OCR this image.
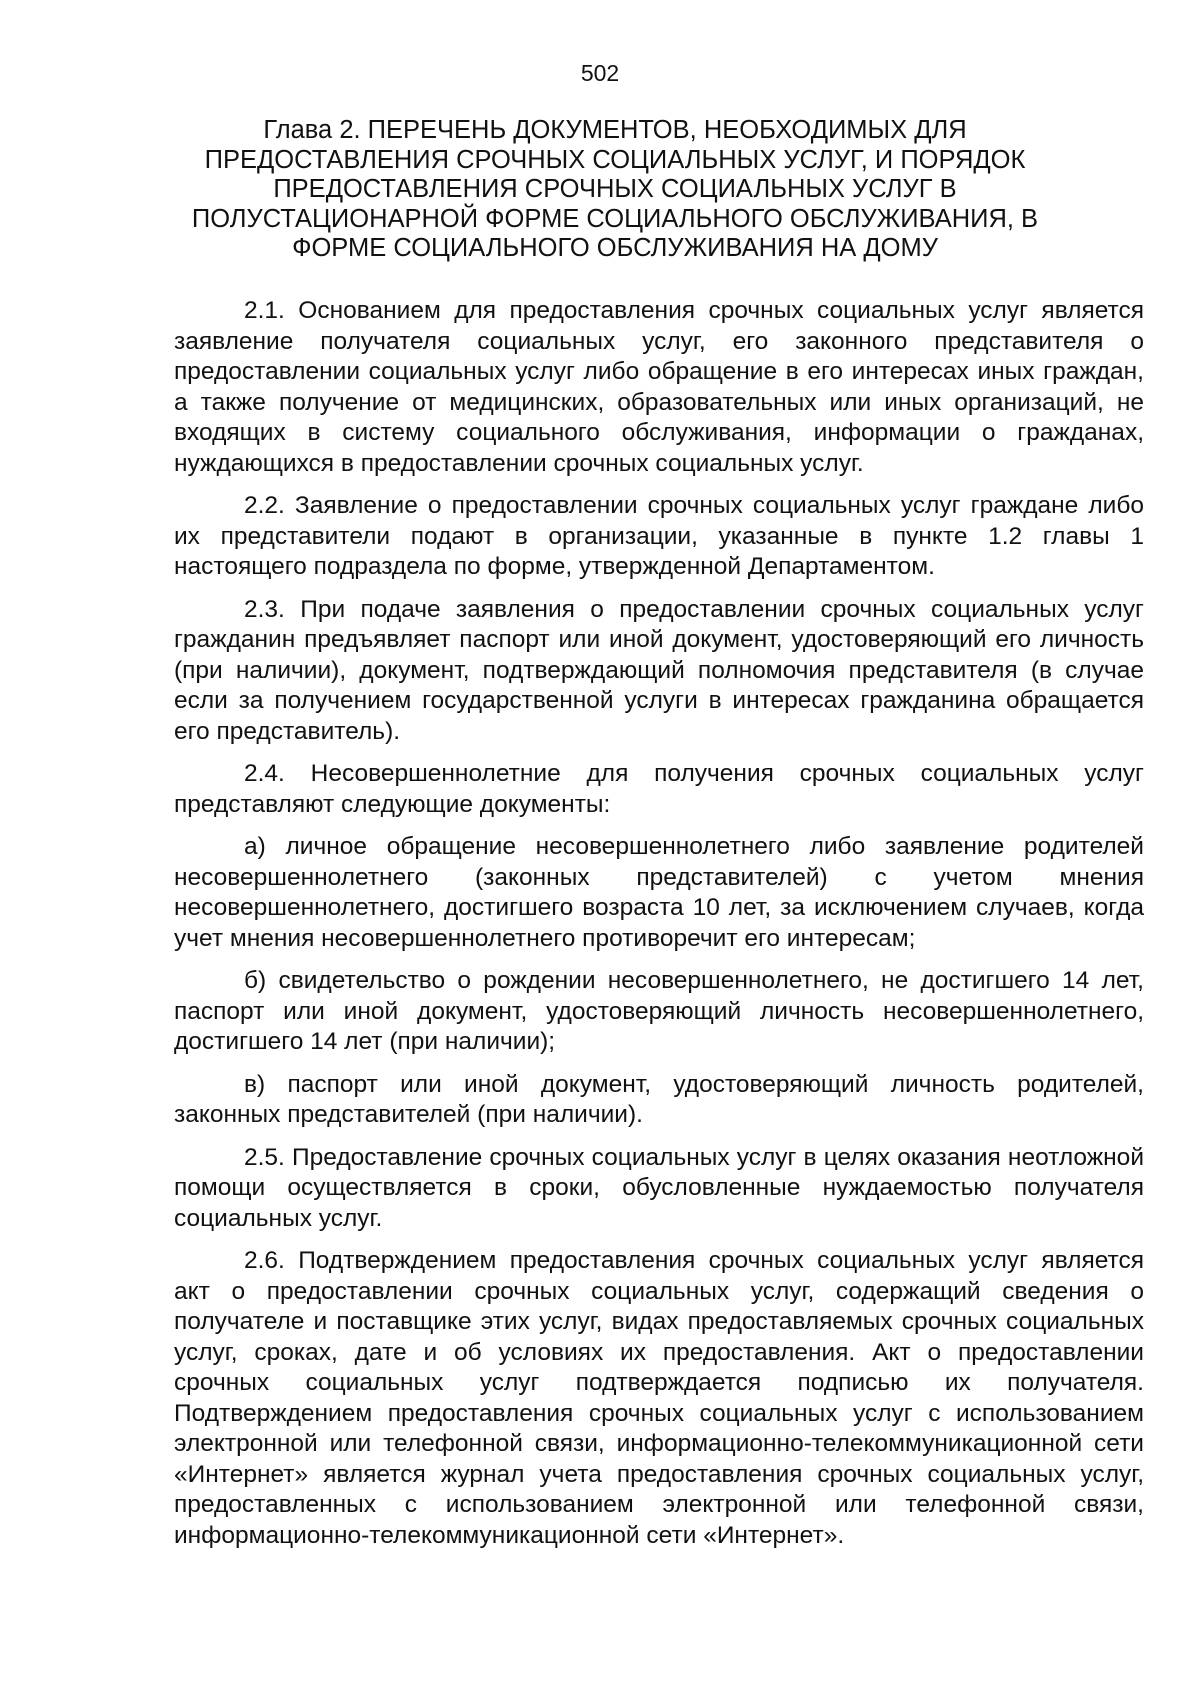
502
Глава 2. ПЕРЕЧЕНЬ ДОКУМЕНТОВ, НЕОБХОДИМЫХ ДЛЯ ПРЕДОСТАВЛЕНИЯ СРОЧНЫХ СОЦИАЛЬНЫХ УСЛУГ, И ПОРЯДОК ПРЕДОСТАВЛЕНИЯ СРОЧНЫХ СОЦИАЛЬНЫХ УСЛУГ В ПОЛУСТАЦИОНАРНОЙ ФОРМЕ СОЦИАЛЬНОГО ОБСЛУЖИВАНИЯ, В ФОРМЕ СОЦИАЛЬНОГО ОБСЛУЖИВАНИЯ НА ДОМУ

2.1. Основанием для предоставления срочных социальных услуг является заявление получателя социальных услуг, его законного представителя о предоставлении социальных услуг либо обращение в его интересах иных граждан, а также получение от медицинских, образовательных или иных организаций, не входящих в систему социального обслуживания, информации о гражданах, нуждающихся в предоставлении срочных социальных услуг.

2.2. Заявление о предоставлении срочных социальных услуг граждане либо их представители подают в организации, указанные в пункте 1.2 главы 1 настоящего подраздела по форме, утвержденной Департаментом.

2.3. При подаче заявления о предоставлении срочных социальных услуг гражданин предъявляет паспорт или иной документ, удостоверяющий его личность (при наличии), документ, подтверждающий полномочия представителя (в случае если за получением государственной услуги в интересах гражданина обращается его представитель).

2.4. Несовершеннолетние для получения срочных социальных услуг представляют следующие документы:

а) личное обращение несовершеннолетнего либо заявление родителей несовершеннолетнего (законных представителей) с учетом мнения несовершеннолетнего, достигшего возраста 10 лет, за исключением случаев, когда учет мнения несовершеннолетнего противоречит его интересам;

б) свидетельство о рождении несовершеннолетнего, не достигшего 14 лет, паспорт или иной документ, удостоверяющий личность несовершеннолетнего, достигшего 14 лет (при наличии);

в) паспорт или иной документ, удостоверяющий личность родителей, законных представителей (при наличии).

2.5. Предоставление срочных социальных услуг в целях оказания неотложной помощи осуществляется в сроки, обусловленные нуждаемостью получателя социальных услуг.

2.6. Подтверждением предоставления срочных социальных услуг является акт о предоставлении срочных социальных услуг, содержащий сведения о получателе и поставщике этих услуг, видах предоставляемых срочных социальных услуг, сроках, дате и об условиях их предоставления. Акт о предоставлении срочных социальных услуг подтверждается подписью их получателя. Подтверждением предоставления срочных социальных услуг с использованием электронной или телефонной связи, информационно-телекоммуникационной сети «Интернет» является журнал учета предоставления срочных социальных услуг, предоставленных с использованием электронной или телефонной связи, информационно-телекоммуникационной сети «Интернет».
